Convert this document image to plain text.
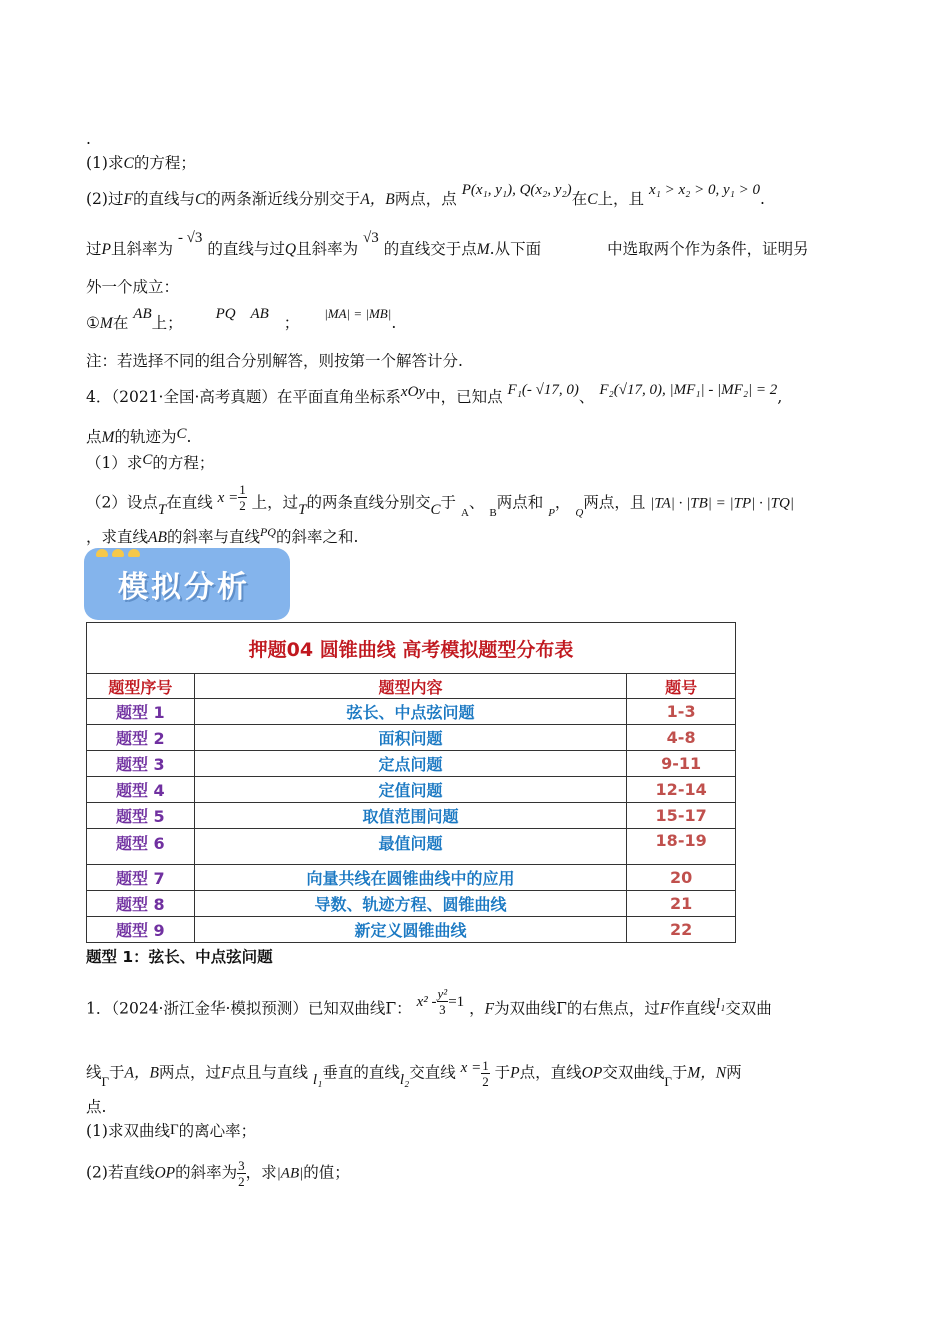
.
(1)求C的方程；
(2)过F的直线与C的两条渐近线分别交于A，B两点，点 P(x₁, y₁), Q(x₂, y₂)在C上，且 x₁ > x₂ > 0, y₁ > 0.
过P且斜率为 - √3 的直线与过Q且斜率为 √3 的直线交于点M.从下面	中选取两个作为条件，证明另
外一个成立：
①M在 AB上； PQ AB ； $^{|MA| = |MB|}$.
注：若选择不同的组合分别解答，则按第一个解答计分.
4．（2021·全国·高考真题）在平面直角坐标系xOy中，已知点 F₁(- √17, 0)、 F₂(√17, 0), |MF₁| - |MF₂| = 2,
点M的轨迹为C.
（1）求C的方程；
（2）设点T在直线 $x = \frac{1}{2}$ 上，过T的两条直线分别交C于 $_A$、 $_B$两点和 $_P$， $_Q$两点，且 |TA| · |TB| = |TP| · |TQ|
，求直线AB的斜率与直线$^{PQ}$的斜率之和.
模拟分析
押题04 圆锥曲线 高考模拟题型分布表		
题型序号	题型内容	题号
题型 1	弦长、中点弦问题	1-3
题型 2	面积问题	4-8
题型 3	定点问题	9-11
题型 4	定值问题	12-14
题型 5	取值范围问题	15-17
题型 6	最值问题	18-19
题型 7	向量共线在圆锥曲线中的应用	20
题型 8	导数、轨迹方程、圆锥曲线	21
题型 9	新定义圆锥曲线	22
题型 1：弦长、中点弦问题
1．（2024·浙江金华·模拟预测）已知双曲线Γ： $x^2 - \frac{\text{y²}}{3} =1$ ，F为双曲线Γ的右焦点，过F作直线l₁交双曲
线$_\Gamma$于A，B两点，过F点且与直线 l₁垂直的直线l₂交直线 $x = \frac{1}{2}$ 于P点，直线OP交双曲线$_\Gamma$于M，N两
点.
(1)求双曲线Γ的离心率；
(2)若直线OP的斜率为 $\frac{3}{2}$ ，求|AB|的值；
